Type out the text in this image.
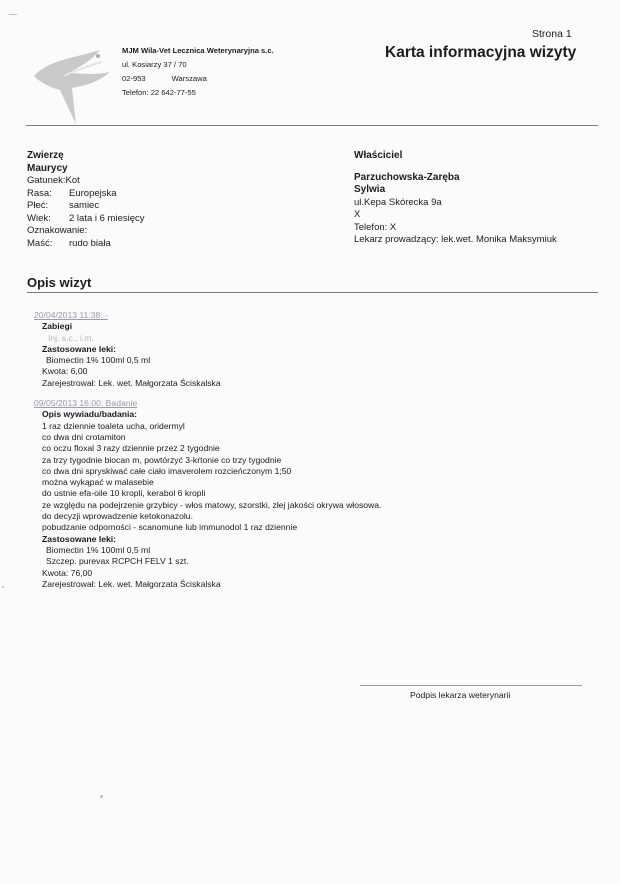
Strona 1
MJM Wila-Vet Lecznica Weterynaryjna s.c.
ul. Kosiarzy 37 / 70
02-953	Warszawa
Telefon: 22 642-77-55
Karta informacyjna wizyty
Zwierzę
Maurycy
Gatunek:Kot
Rasa: Europejska
Płeć: samiec
Wiek: 2 lata i 6 miesięcy
Oznakowanie:
Maść: rudo biała
Właściciel
Parzuchowska-Zaręba
Sylwia
ul.Kepa Skórecka 9a
X
Telefon: X
Lekarz prowadzący: lek.wet. Monika Maksymiuk
Opis wizyt
20/04/2013 11:38: -
Zabiegi
Inj. s.c., i.m.
Zastosowane leki:
Biomectin 1% 100ml 0,5 ml
Kwota: 6,00
Zarejestrował: Lek. wet. Małgorzata Ściskalska
09/05/2013 16:00: Badanie
Opis wywiadu/badania:
1 raz dziennie toaleta ucha, oridermyl
co dwa dni crotamiton
co oczu floxal 3 razy dziennie przez 2 tygodnie
za trzy tygodnie biocan m, powtórzyć 3-krtonie co trzy tygodnie
co dwa dni spryskiwać całe ciało imaverolem rozcieńczonym 1;50
można wykąpać w malasebie
do ustnie efa-oile 10 kropli, kerabol 6 kropli
ze względu na podejrzenie grzybicy - włos matowy, szorstki, złej jakości okrywa włosowa.
do decyzji wprowadzenie ketokonazolu.
pobudzanie odporności - scanomune lub immunodol 1 raz dziennie
Zastosowane leki:
Biomectin 1% 100ml 0,5 ml
Szczep. purevax RCPCH FELV 1 szt.
Kwota: 76,00
Zarejestrował: Lek. wet. Małgorzata Ściskalska
Podpis lekarza weterynarii
